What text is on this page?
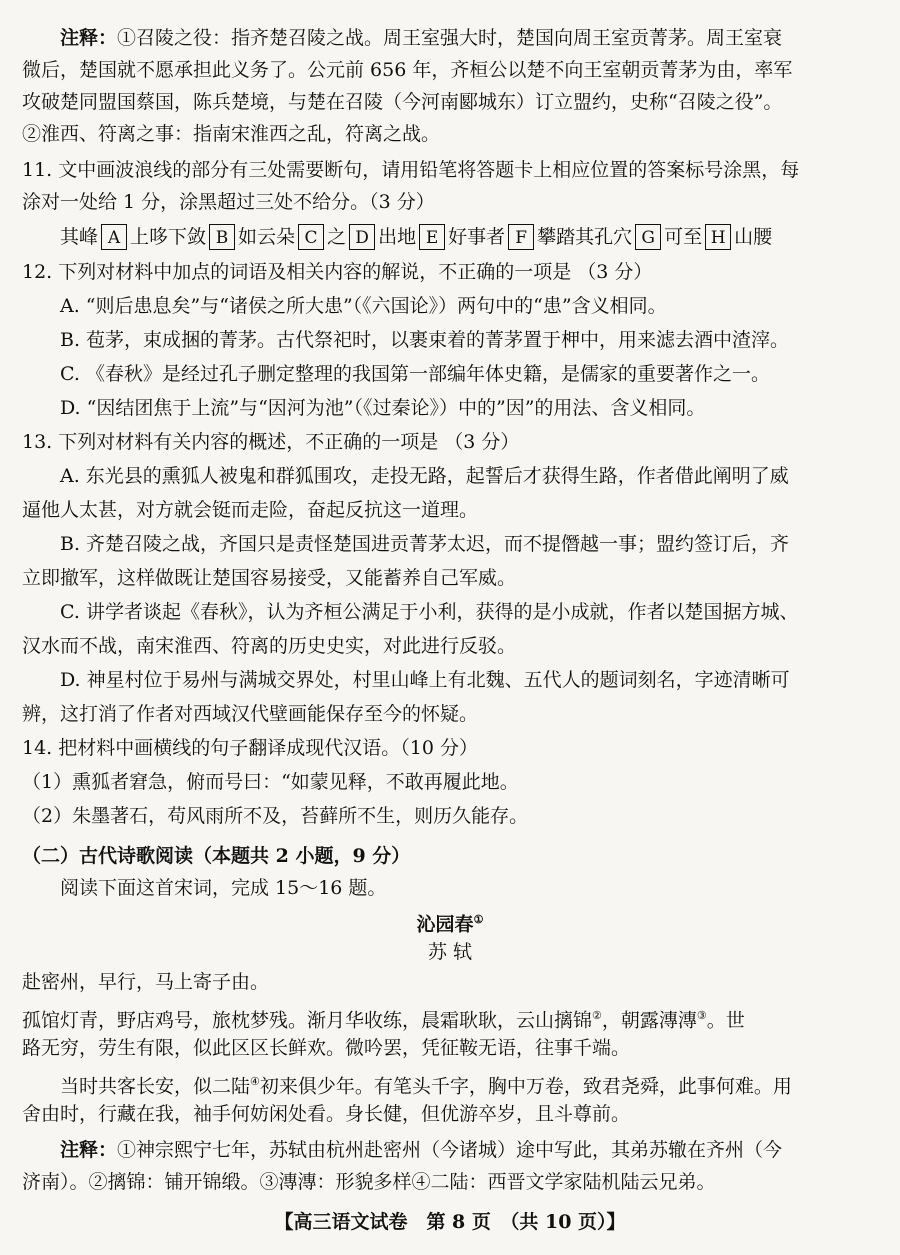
注释：①召陵之役：指齐楚召陵之战。周王室强大时，楚国向周王室贡菁茅。周王室衰
微后，楚国就不愿承担此义务了。公元前 656 年，齐桓公以楚不向王室朝贡菁茅为由，率军
攻破楚同盟国蔡国，陈兵楚境，与楚在召陵（今河南郾城东）订立盟约，史称“召陵之役”。
②淮西、符离之事：指南宋淮西之乱，符离之战。
11. 文中画波浪线的部分有三处需要断句，请用铅笔将答题卡上相应位置的答案标号涂黑，每
涂对一处给 1 分，涂黑超过三处不给分。（3 分）
其峰 A 上哆下敛 B 如云朵 C 之 D 出地 E 好事者 F 攀踏其孔穴 G 可至 H 山腰
12. 下列对材料中加点的词语及相关内容的解说，不正确的一项是 （3 分）
A. “则后患息矣”与“诸侯之所大患”（《六国论》）两句中的“患”含义相同。
B. 苞茅，束成捆的菁茅。古代祭祀时，以裹束着的菁茅置于柙中，用来滤去酒中渣滓。
C. 《春秋》是经过孔子删定整理的我国第一部编年体史籍，是儒家的重要著作之一。
D. “因结团焦于上流”与“因河为池”（《过秦论》）中的”因”的用法、含义相同。
13. 下列对材料有关内容的概述，不正确的一项是 （3 分）
A. 东光县的熏狐人被鬼和群狐围攻，走投无路，起誓后才获得生路，作者借此阐明了威
逼他人太甚，对方就会铤而走险，奋起反抗这一道理。
B. 齐楚召陵之战，齐国只是责怪楚国进贡菁茅太迟，而不提僭越一事；盟约签订后，齐
立即撤军，这样做既让楚国容易接受，又能蓄养自己军威。
C. 讲学者谈起《春秋》，认为齐桓公满足于小利，获得的是小成就，作者以楚国据方城、
汉水而不战，南宋淮西、符离的历史史实，对此进行反驳。
D. 神星村位于易州与满城交界处，村里山峰上有北魏、五代人的题词刻名，字迹清晰可
辨，这打消了作者对西域汉代壁画能保存至今的怀疑。
14. 把材料中画横线的句子翻译成现代汉语。（10 分）
（1）熏狐者窘急，俯而号曰：“如蒙见释，不敢再履此地。
（2）朱墨著石，苟风雨所不及，苔藓所不生，则历久能存。
（二）古代诗歌阅读（本题共 2 小题，9 分）
阅读下面这首宋词，完成 15～16 题。
沁园春①
苏 轼
赴密州，早行，马上寄子由。
孤馆灯青，野店鸡号，旅枕梦残。渐月华收练，晨霜耿耿，云山摛锦②，朝露漙漙③。世
路无穷，劳生有限，似此区区长鲜欢。微吟罢，凭征鞍无语，往事千端。
当时共客长安，似二陆④初来俱少年。有笔头千字，胸中万卷，致君尧舜，此事何难。用
舍由时，行藏在我，袖手何妨闲处看。身长健，但优游卒岁，且斗尊前。
注释：①神宗熙宁七年，苏轼由杭州赴密州（今诸城）途中写此，其弟苏辙在齐州（今
济南）。②摛锦：铺开锦缎。③漙漙：形貌多样④二陆：西晋文学家陆机陆云兄弟。
【高三语文试卷　第 8 页　（共 10 页）】
